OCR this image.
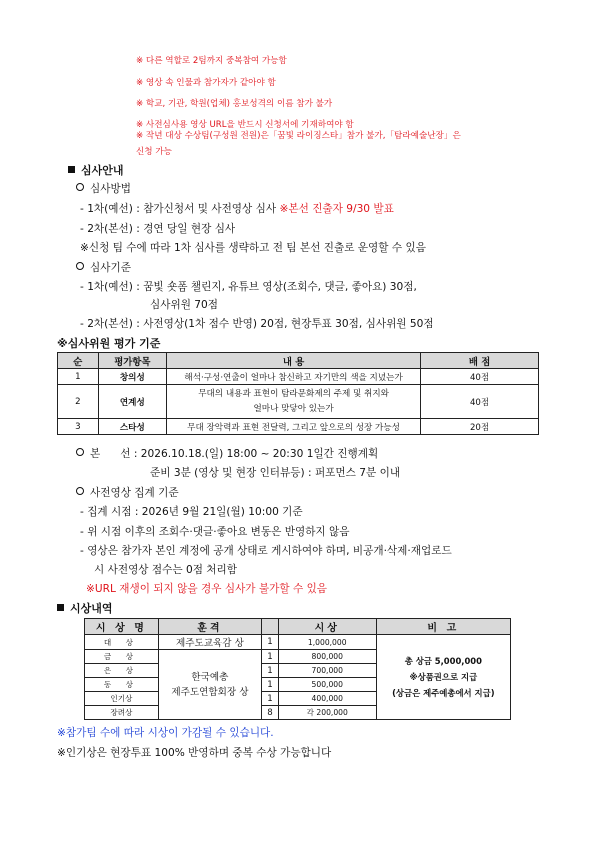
※ 다른 역할로 2팀까지 중복참여 가능함
※ 영상 속 인물과 참가자가 같아야 함
※ 학교, 기관, 학원(업체) 홍보성격의 이름 참가 불가
※ 사전심사용 영상 URL을 반드시 신청서에 기재하여야 함
※ 작년 대상 수상팀(구성원 전원)은「꿈빛 라이징스타」참가 불가,「탐라예술난장」은
신청 가능
심사안내
심사방법
- 1차(예선) : 참가신청서 및 사전영상 심사 ※본선 진출자 9/30 발표
- 2차(본선) : 경연 당일 현장 심사
※신청 팀 수에 따라 1차 심사를 생략하고 전 팀 본선 진출로 운영할 수 있음
심사기준
- 1차(예선) : 꿈빛 숏폼 챌린지, 유튜브 영상(조회수, 댓글, 좋아요) 30점,
심사위원 70점
- 2차(본선) : 사전영상(1차 점수 반영) 20점, 현장투표 30점, 심사위원 50점
※심사위원 평가 기준
순	평가항목	내 용	배 점
1	창의성	해석·구성·연출이 얼마나 참신하고 자기만의 색을 지녔는가	40점
2	연계성	무대의 내용과 표현이 탐라문화제의 주제 및 취지와
얼마나 맞닿아 있는가	40점
3	스타성	무대 장악력과 표현 전달력, 그리고 앞으로의 성장 가능성	20점
본 선 : 2026.10.18.(일) 18:00 ~ 20:30 1일간 진행계획
준비 3분 (영상 및 현장 인터뷰등) : 퍼포먼스 7분 이내
사전영상 집계 기준
- 집계 시점 : 2026년 9월 21일(월) 10:00 기준
- 위 시점 이후의 조회수·댓글·좋아요 변동은 반영하지 않음
- 영상은 참가자 본인 계정에 공개 상태로 게시하여야 하며, 비공개·삭제·재업로드
시 사전영상 점수는 0점 처리함
※URL 재생이 되지 않을 경우 심사가 불가할 수 있음
시상내역
시 상 명	훈격		시상	비 고
대 상	제주도교육감 상	1	1,000,000	총 상금 5,000,000
※상품권으로 지급
(상금은 제주예총에서 지급)

금 상	한국예총
제주도연합회장 상	1	800,000	
은 상		1	700,000	
동 상		1	500,000	
인기상		1	400,000	
장려상		8	각 200,000	
※참가팀 수에 따라 시상이 가감될 수 있습니다.
※인기상은 현장투표 100% 반영하며 중복 수상 가능합니다
